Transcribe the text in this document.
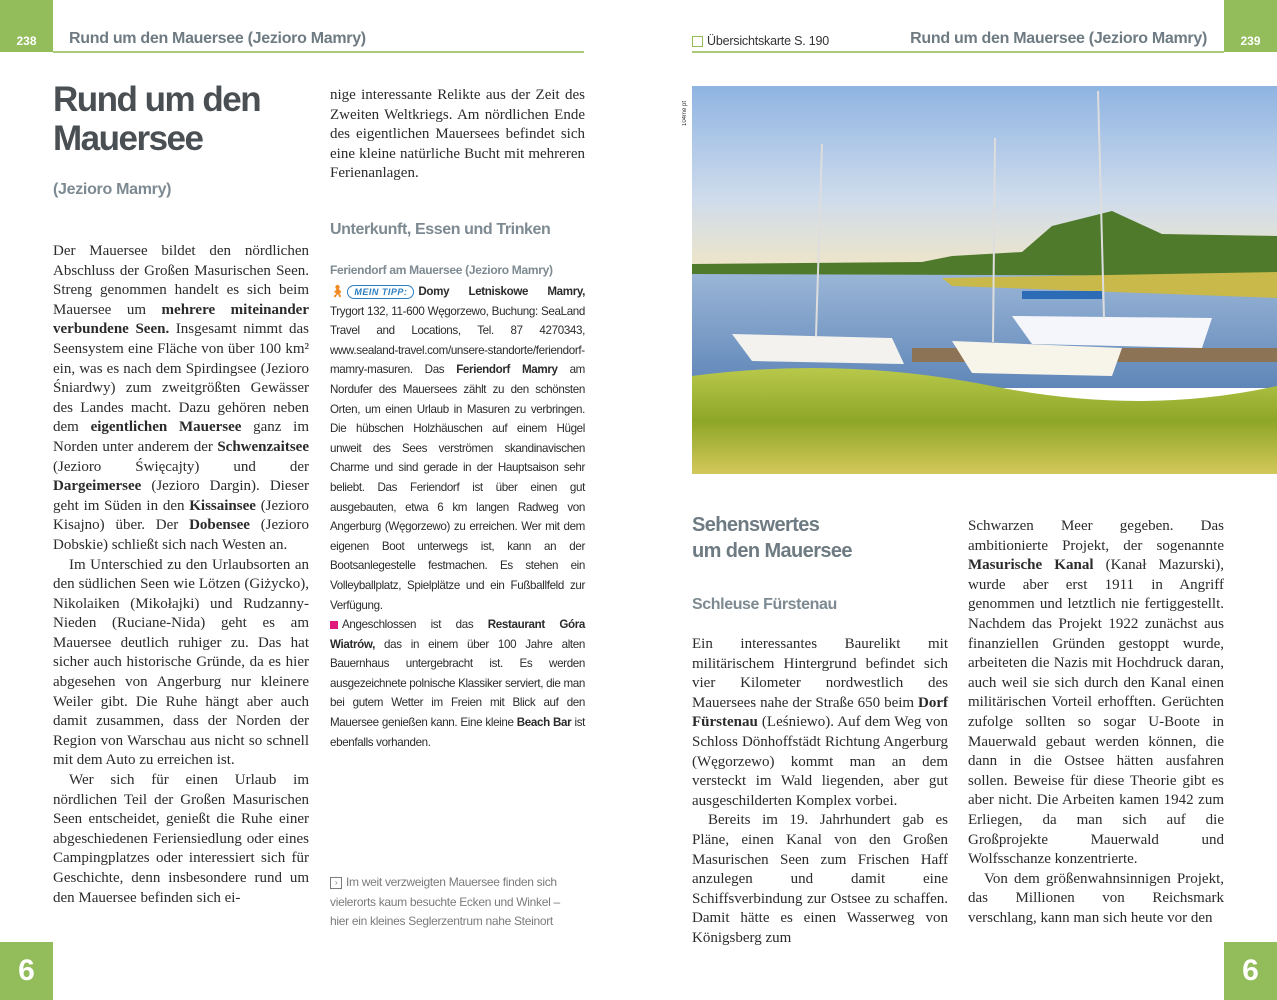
238 Rund um den Mauersee (Jezioro Mamry)
Rund um den
Mauersee
(Jezioro Mamry)

Der Mauersee bildet den nördlichen Abschluss der Großen Masurischen Seen. Streng genommen handelt es sich beim Mauersee um mehrere miteinander verbundene Seen. Insgesamt nimmt das Seensystem eine Fläche von über 100 km² ein, was es nach dem Spirdingsee (Jezioro Śniardwy) zum zweitgrößten Gewässer des Landes macht. Dazu gehören neben dem eigentlichen Mauersee ganz im Norden unter anderem der Schwenzaitsee (Jezioro Święcajty) und der Dargeimersee (Jezioro Dargin). Dieser geht im Süden in den Kissainsee (Jezioro Kisajno) über. Der Dobensee (Jezioro Dobskie) schließt sich nach Westen an.

Im Unterschied zu den Urlaubsorten an den südlichen Seen wie Lötzen (Giżycko), Nikolaiken (Mikołajki) und Rudzanny-Nieden (Ruciane-Nida) geht es am Mauersee deutlich ruhiger zu. Das hat sicher auch historische Gründe, da es hier abgesehen von Angerburg nur kleinere Weiler gibt. Die Ruhe hängt aber auch damit zusammen, dass der Norden der Region von Warschau aus nicht so schnell mit dem Auto zu erreichen ist.

Wer sich für einen Urlaub im nördlichen Teil der Großen Masurischen Seen entscheidet, genießt die Ruhe einer abgeschiedenen Feriensiedlung oder eines Campingplatzes oder interessiert sich für Geschichte, denn insbesondere rund um den Mauersee befinden sich ei-

nige interessante Relikte aus der Zeit des Zweiten Weltkriegs. Am nördlichen Ende des eigentlichen Mauersees befindet sich eine kleine natürliche Bucht mit mehreren Ferienanlagen.

Unterkunft, Essen und Trinken
Feriendorf am Mauersee (Jezioro Mamry)

🚶︎ MEIN TIPP: Domy Letniskowe Mamry, Trygort 132, 11-600 Węgorzewo, Buchung: SeaLand Travel and Locations, Tel. 87 4270343, www.sealand-travel.com/unsere-standorte/feriendorf-mamry-masuren. Das Feriendorf Mamry am Nordufer des Mauersees zählt zu den schönsten Orten, um einen Urlaub in Masuren zu verbringen. Die hübschen Holzhäuschen auf einem Hügel unweit des Sees verströmen skandinavischen Charme und sind gerade in der Hauptsaison sehr beliebt. Das Feriendorf ist über einen gut ausgebauten, etwa 6 km langen Radweg von Angerburg (Węgorzewo) zu erreichen. Wer mit dem eigenen Boot unterwegs ist, kann an der Bootsanlegestelle festmachen. Es stehen ein Volleyballplatz, Spielplätze und ein Fußballfeld zur Verfügung.

Angeschlossen ist das Restaurant Góra Wiatrów, das in einem über 100 Jahre alten Bauernhaus untergebracht ist. Es werden ausgezeichnete polnische Klassiker serviert, die man bei gutem Wetter im Freien mit Blick auf den Mauersee genießen kann. Eine kleine Beach Bar ist ebenfalls vorhanden.

› Im weit verzweigten Mauersee finden sich vielerorts kaum besuchte Ecken und Winkel – hier ein kleines Seglerzentrum nahe Steinort
6
Übersichtskarte S. 190	Rund um den Mauersee (Jezioro Mamry)	239
104me pt
Sehenswertes
um den Mauersee
Schleuse Fürstenau

Ein interessantes Baurelikt mit militärischem Hintergrund befindet sich vier Kilometer nordwestlich des Mauersees nahe der Straße 650 beim Dorf Fürstenau (Leśniewo). Auf dem Weg von Schloss Dönhoffstädt Richtung Angerburg (Węgorzewo) kommt man an dem versteckt im Wald liegenden, aber gut ausgeschilderten Komplex vorbei.

Bereits im 19. Jahrhundert gab es Pläne, einen Kanal von den Großen Masurischen Seen zum Frischen Haff anzulegen und damit eine Schiffsverbindung zur Ostsee zu schaffen. Damit hätte es einen Wasserweg von Königsberg zum

Schwarzen Meer gegeben. Das ambitionierte Projekt, der sogenannte Masurische Kanal (Kanał Mazurski), wurde aber erst 1911 in Angriff genommen und letztlich nie fertiggestellt. Nachdem das Projekt 1922 zunächst aus finanziellen Gründen gestoppt wurde, arbeiteten die Nazis mit Hochdruck daran, auch weil sie sich durch den Kanal einen militärischen Vorteil erhofften. Gerüchten zufolge sollten so sogar U-Boote in Mauerwald gebaut werden können, die dann in die Ostsee hätten ausfahren sollen. Beweise für diese Theorie gibt es aber nicht. Die Arbeiten kamen 1942 zum Erliegen, da man sich auf die Großprojekte Mauerwald und Wolfsschanze konzentrierte.

Von dem größenwahnsinnigen Projekt, das Millionen von Reichsmark verschlang, kann man sich heute vor den

6
